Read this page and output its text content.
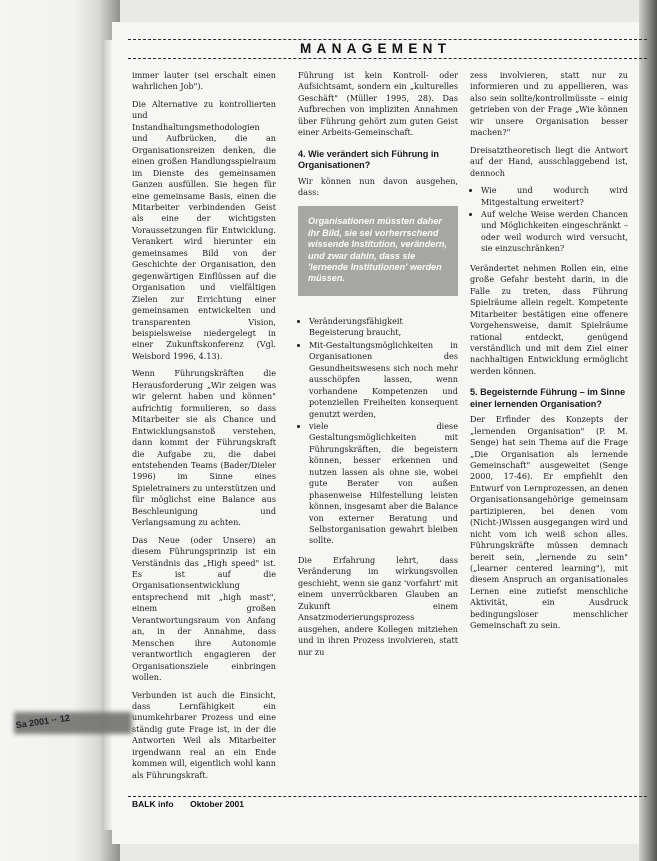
MANAGEMENT

immer lauter (sei erschalt einen wahrlichen Job").

Die Alternative zu kontrollierten und Instandhaltungsmethodologien und Aufbrücken, die an Organisationsreizen denken, die einen großen Handlungsspielraum im Dienste des gemeinsamen Ganzen ausfüllen. Sie hegen für eine gemeinsame Basis, einen die Mitarbeiter verbindenden Geist als eine der wichtigsten Voraussetzungen für Entwicklung. Verankert wird hierunter ein gemeinsames Bild von der Geschichte der Organisation, den gegenwärtigen Einflüssen auf die Organisation und vielfältigen Zielen zur Errichtung einer gemeinsamen entwickelten und transparenten Vision, beispielsweise niedergelegt in einer Zukunftskonferenz (Vgl. Weisbord 1996, 4.13).

Wenn Führungskräften die Herausforderung „Wir zeigen was wir gelernt haben und können" aufrichtig formulieren, so dass Mitarbeiter sie als Chance und Entwicklungsanstoß verstehen, dann kommt der Führungskraft die Aufgabe zu, die dabei entstehenden Teams (Bader/Dieler 1996) im Sinne eines Spieletrainers zu unterstützen und für möglichst eine Balance aus Beschleunigung und Verlangsamung zu achten.

Das Neue (oder Unsere) an diesem Führungsprinzip ist ein Verständnis das „High speed" ist. Es ist auf die Organisationsentwicklung entsprechend mit „high mast", einem großen Verantwortungsraum von Anfang an, in der Annahme, dass Menschen ihre Autonomie verantwortlich engagieren der Organisationsziele einbringen wollen.

Verbunden ist auch die Einsicht, dass Lernfähigkeit ein unumkehrbarer Prozess und eine ständig gute Frage ist, in der die Antworten Weil als Mitarbeiter irgendwann real an ein Ende kommen will, eigentlich wohl kann als Führungskraft.

Führung ist kein Kontroll- oder Aufsichtsamt, sondern ein „kulturelles Geschäft" (Müller 1995, 28). Das Aufbrechen von impliziten Annahmen über Führung gehört zum guten Geist einer Arbeits-Gemeinschaft.

4. Wie verändert sich Führung in Organisationen?

Wir können nun davon ausgehen, dass:

Organisationen müssten daher ihr Bild, sie sei vorherrschend wissende Institution, verändern, und zwar dahin, dass sie 'lernende Institutionen' werden müssen.
• Veränderungsfähigkeit Begeisterung braucht,
• Mit-Gestaltungsmöglichkeiten in Organisationen des Gesundheitswesens sich noch mehr ausschöpfen lassen, wenn vorhandene Kompetenzen und potenziellen Freiheiten konsequent genutzt werden,
• viele diese Gestaltungsmöglichkeiten mit Führungskräften, die begeistern können, besser erkennen und nutzen lassen als ohne sie, wobei gute Berater von außen phasenweise Hilfestellung leisten können, insgesamt aber die Balance von externer Beratung und Selbstorganisation gewahrt bleiben sollte.

Die Erfahrung lehrt, dass Veränderung im wirkungsvollen geschieht, wenn sie ganz 'vorfahrt' mit einem unverrückbaren Glauben an Zukunft einem Ansatzmoderierungsprozess ausgehen, andere Kollegen mitziehen und in ihren Prozess involvieren, statt nur zu

zess involvieren, statt nur zu informieren und zu appellieren, was also sein sollte/kontrollmüsste – einig getrieben von der Frage „Wie können wir unsere Organisation besser machen?"

Dreisatztheoretisch liegt die Antwort auf der Hand, ausschlaggebend ist, dennoch

• Wie und wodurch wird Mitgestaltung erweitert?
• Auf welche Weise werden Chancen und Möglichkeiten eingeschränkt – oder weil wodurch wird versucht, sie einzuschränken?

Verändertet nehmen Rollen ein, eine große Gefahr besteht darin, in die Falle zu treten, dass Führung Spielräume allein regelt. Kompetente Mitarbeiter bestätigen eine offenere Vorgehensweise, damit Spielräume rational entdeckt, genügend verständlich und mit dem Ziel einer nachhaltigen Entwicklung ermöglicht werden können.

5. Begeisternde Führung – im Sinne einer lernenden Organisation?

Der Erfinder des Konzepts der „lernenden Organisation" (P. M. Senge) hat sein Thema auf die Frage „Die Organisation als lernende Gemeinschaft" ausgeweitet (Senge 2000, 17-46). Er empfiehlt den Entwurf von Lernprozessen, an denen Organisationsangehörige gemeinsam partizipieren, bei denen vom (Nicht-)Wissen ausgegangen wird und nicht vom ich weiß schon alles. Führungskräfte müssen demnach bereit sein, „lernende zu sein" („learner centered learning"), mit diesem Anspruch an organisationales Lernen eine zutiefst menschliche Aktivität, ein Ausdruck bedingungsloser menschlicher Gemeinschaft zu sein.

Sa 2001 ·· 12
BALK info Oktober 2001
